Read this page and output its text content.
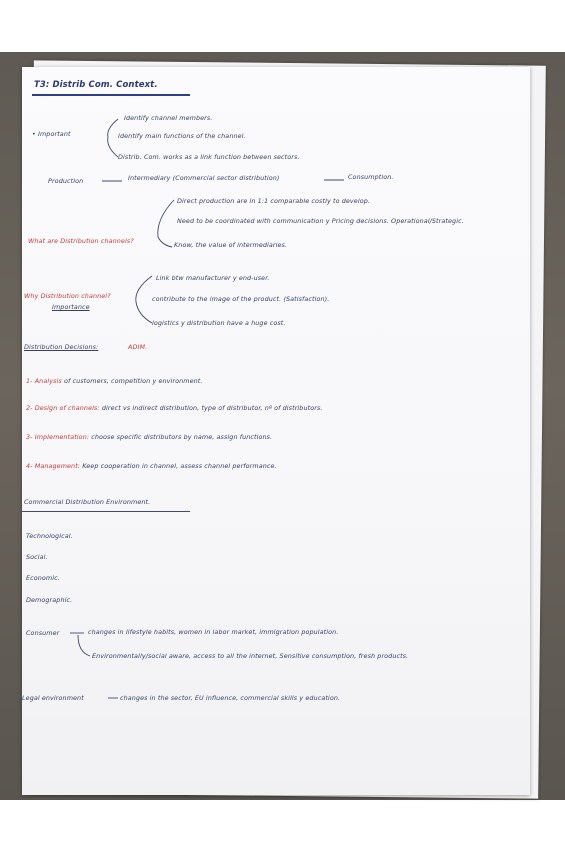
T3: Distrib Com. Context.
• Important
Identify channel members.
Identify main functions of the channel.
Distrib. Com. works as a link function between sectors.
Production	Intermediary (Commercial sector distribution)	Consumption.
Direct production are in 1:1 comparable costly to develop.
Need to be coordinated with communication y Pricing decisions. Operational/Strategic.
What are Distribution channels?	Know, the value of intermediaries.
Link btw manufacturer y end-user.
Why Distribution channel?
Importance
contribute to the image of the product. (Satisfaction).
logistics y distribution have a huge cost.
Distribution Decisions:	ADIM.
1- Analysis of customers, competition y environment.
2- Design of channels: direct vs indirect distribution, type of distributor, nº of distributors.
3- Implementation: choose specific distributors by name, assign functions.
4- Management: Keep cooperation in channel, assess channel performance.
Commercial Distribution Environment.
Technological.
Social.
Economic.
Demographic.
Consumer	changes in lifestyle habits, women in labor market, immigration population.
Environmentally/social aware, access to all the internet, Sensitive consumption, fresh products.
Legal environment	changes in the sector, EU influence, commercial skills y education.
